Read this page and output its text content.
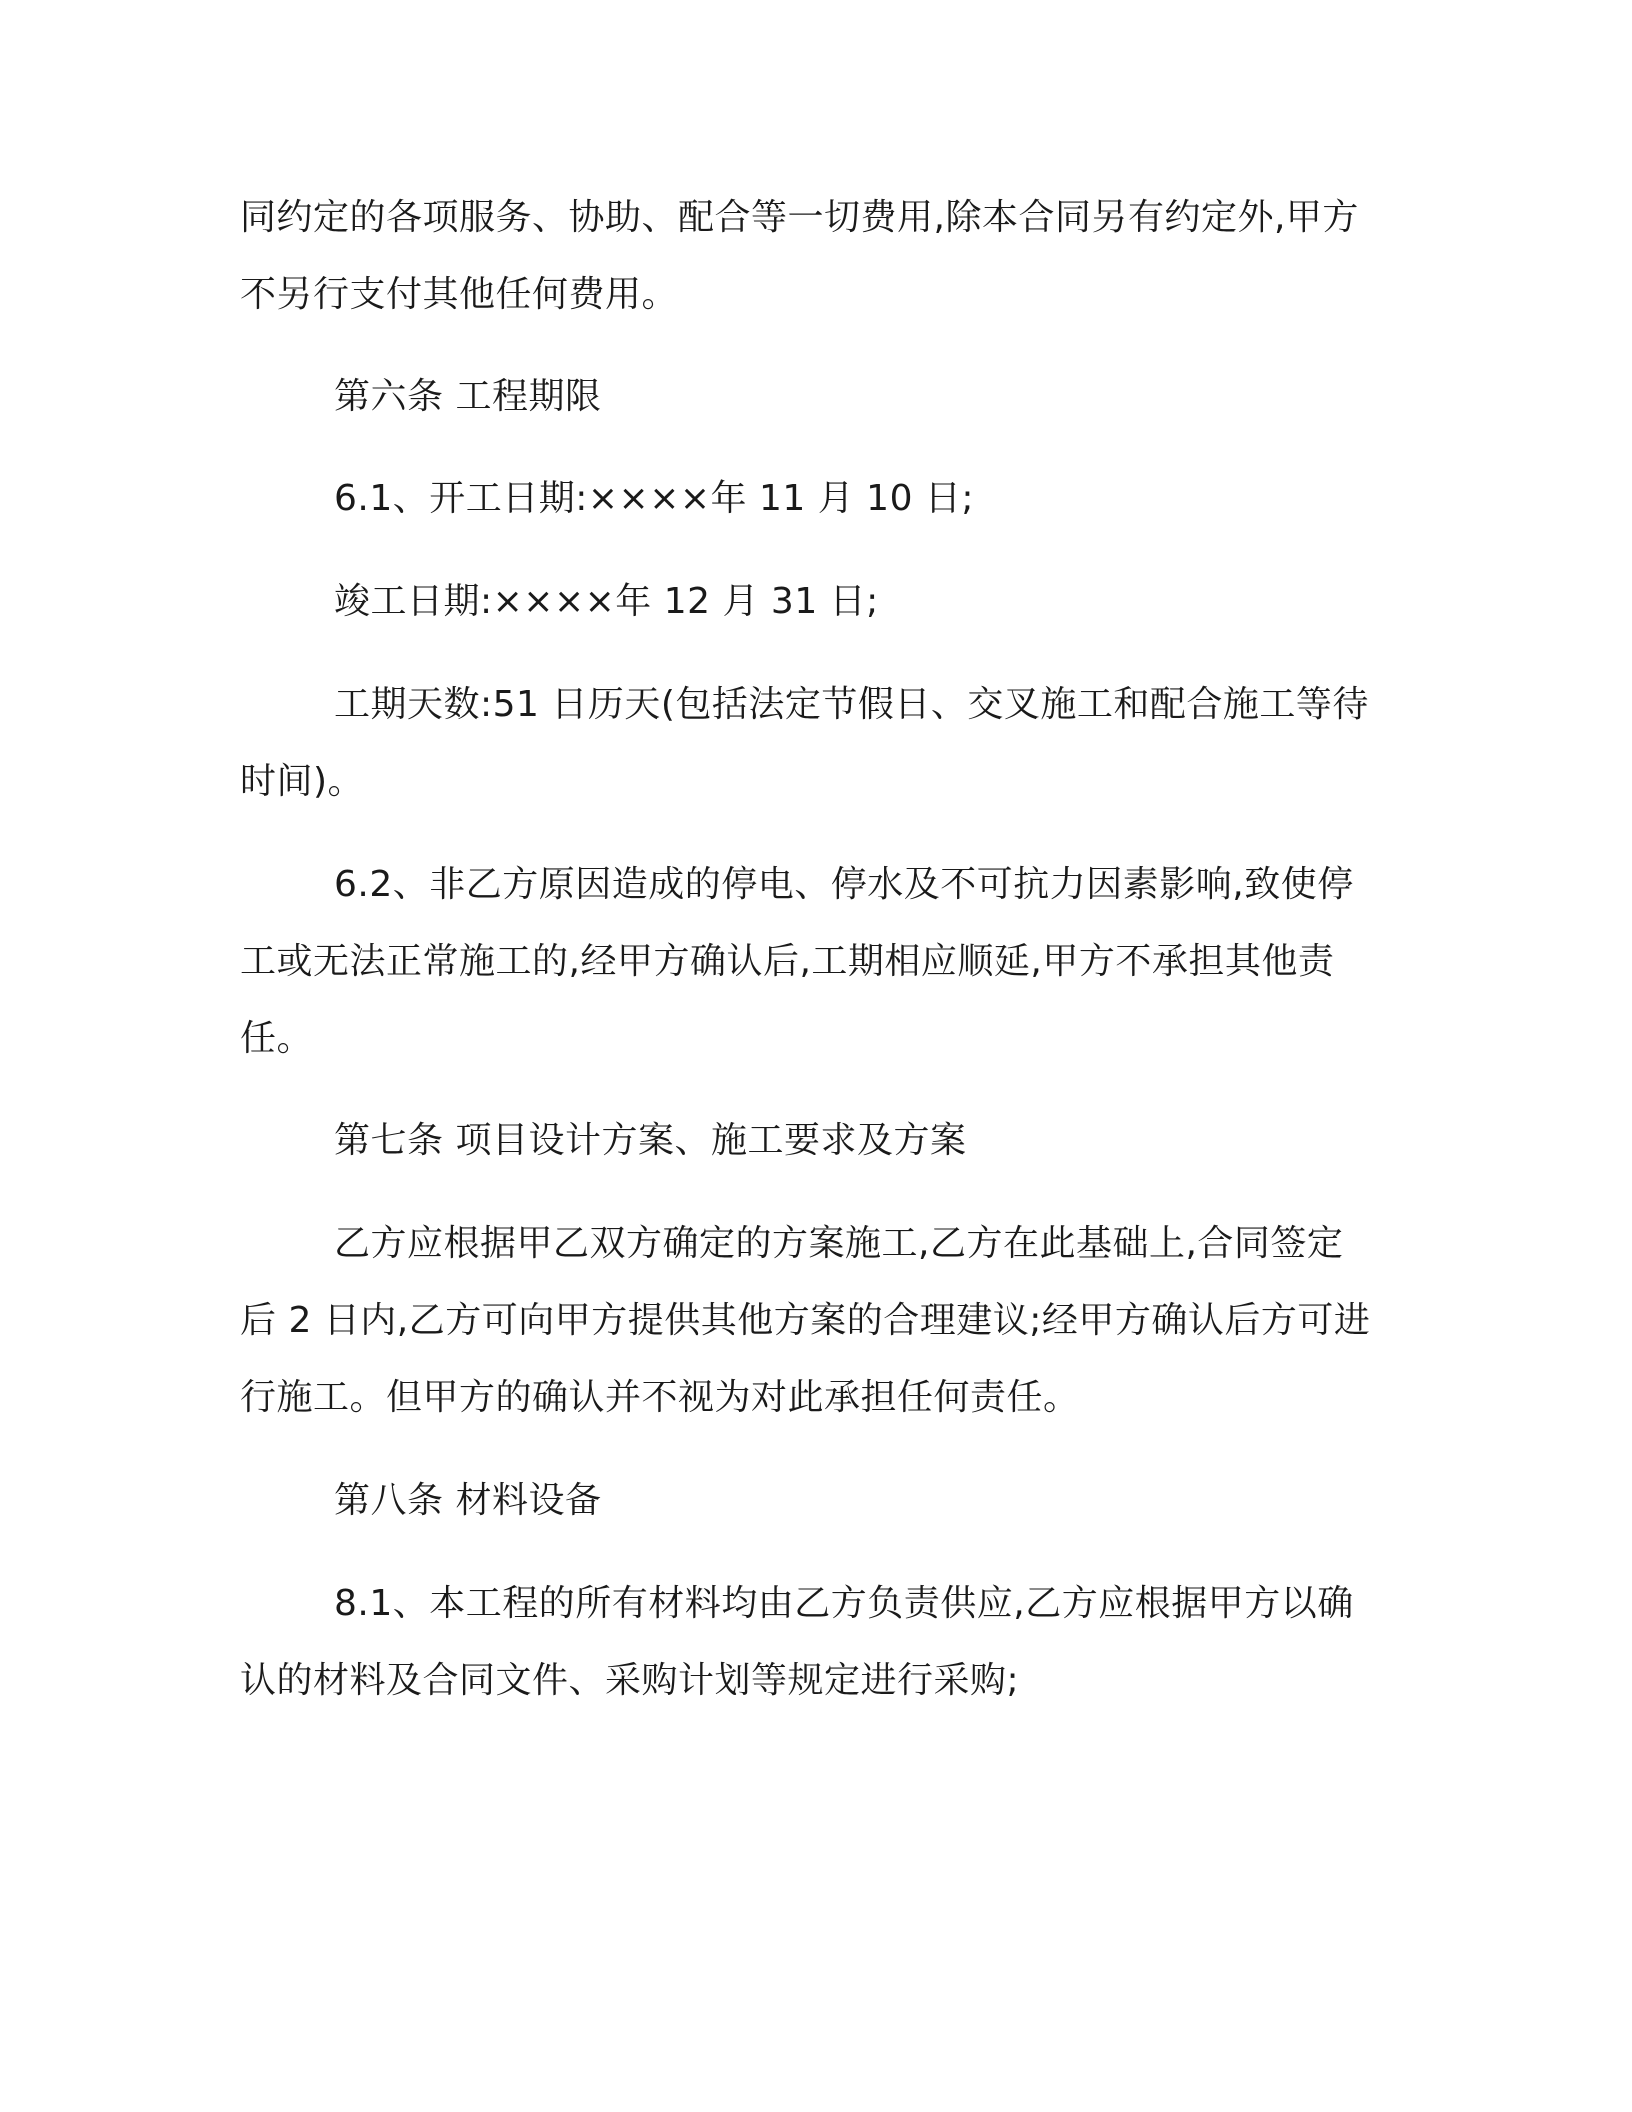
同约定的各项服务、协助、配合等一切费用,除本合同另有约定外,甲方
不另行支付其他任何费用。
第六条 工程期限
6.1、开工日期:××××年 11 月 10 日;
竣工日期:××××年 12 月 31 日;
工期天数:51 日历天(包括法定节假日、交叉施工和配合施工等待
时间)。
6.2、非乙方原因造成的停电、停水及不可抗力因素影响,致使停
工或无法正常施工的,经甲方确认后,工期相应顺延,甲方不承担其他责
任。
第七条 项目设计方案、施工要求及方案
乙方应根据甲乙双方确定的方案施工,乙方在此基础上,合同签定
后 2 日内,乙方可向甲方提供其他方案的合理建议;经甲方确认后方可进
行施工。但甲方的确认并不视为对此承担任何责任。
第八条 材料设备
8.1、本工程的所有材料均由乙方负责供应,乙方应根据甲方以确
认的材料及合同文件、采购计划等规定进行采购;
